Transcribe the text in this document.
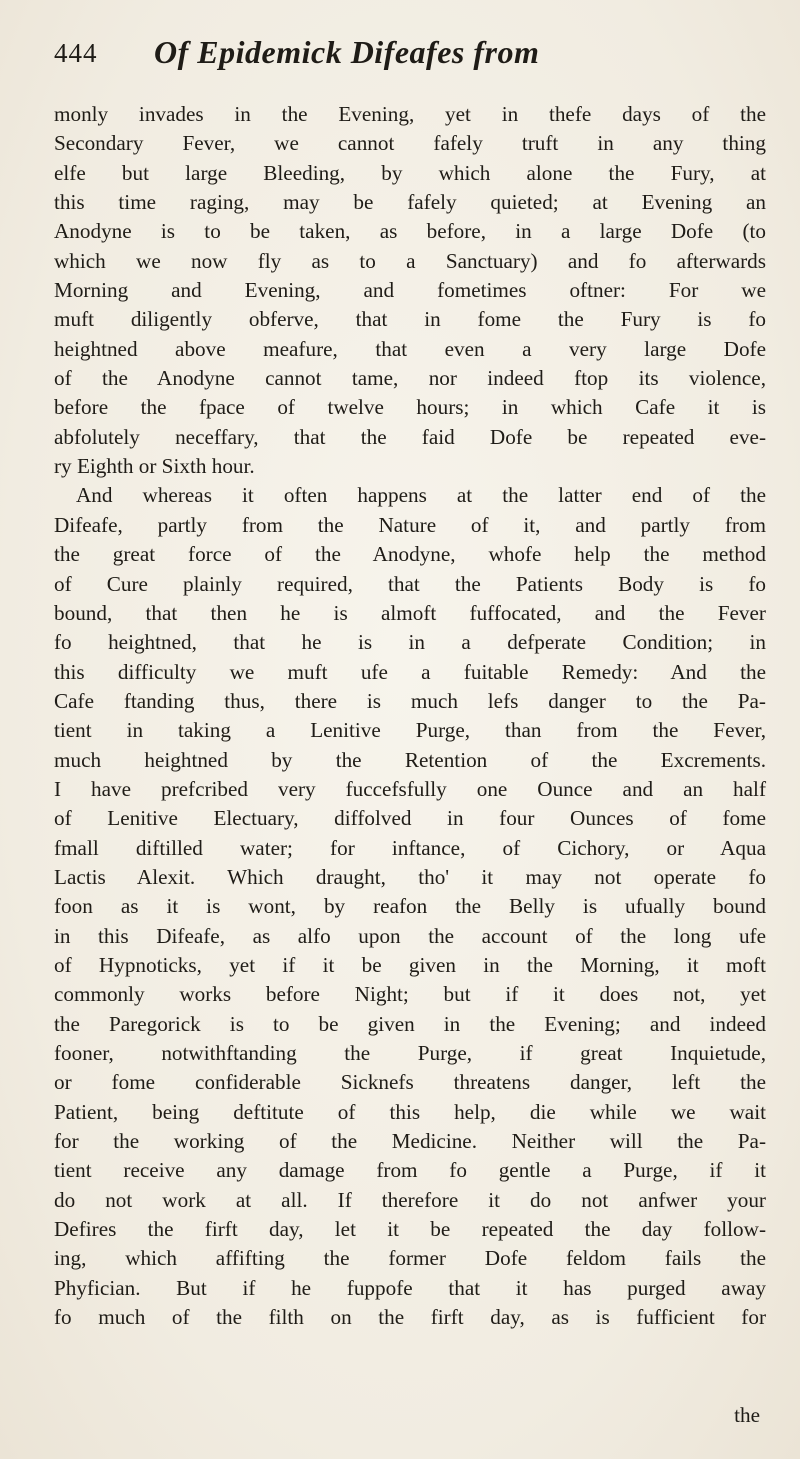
444 Of Epidemick Difeafes from
monly invades in the Evening, yet in thefe days of the
Secondary Fever, we cannot fafely truft in any thing
elfe but large Bleeding, by which alone the Fury, at
this time raging, may be fafely quieted; at Evening an
Anodyne is to be taken, as before, in a large Dofe (to
which we now fly as to a Sanctuary) and fo afterwards
Morning and Evening, and fometimes oftner: For we
muft diligently obferve, that in fome the Fury is fo
heightned above meafure, that even a very large Dofe
of the Anodyne cannot tame, nor indeed ftop its violence,
before the fpace of twelve hours; in which Cafe it is
abfolutely neceffary, that the faid Dofe be repeated eve-
ry Eighth or Sixth hour.
And whereas it often happens at the latter end of the
Difeafe, partly from the Nature of it, and partly from
the great force of the Anodyne, whofe help the method
of Cure plainly required, that the Patients Body is fo
bound, that then he is almoft fuffocated, and the Fever
fo heightned, that he is in a defperate Condition; in
this difficulty we muft ufe a fuitable Remedy: And the
Cafe ftanding thus, there is much lefs danger to the Pa-
tient in taking a Lenitive Purge, than from the Fever,
much heightned by the Retention of the Excrements.
I have prefcribed very fuccefsfully one Ounce and an half
of Lenitive Electuary, diffolved in four Ounces of fome
fmall diftilled water; for inftance, of Cichory, or Aqua
Lactis Alexit. Which draught, tho' it may not operate fo
foon as it is wont, by reafon the Belly is ufually bound
in this Difeafe, as alfo upon the account of the long ufe
of Hypnoticks, yet if it be given in the Morning, it moft
commonly works before Night; but if it does not, yet
the Paregorick is to be given in the Evening; and indeed
fooner, notwithftanding the Purge, if great Inquietude,
or fome confiderable Sicknefs threatens danger, left the
Patient, being deftitute of this help, die while we wait
for the working of the Medicine. Neither will the Pa-
tient receive any damage from fo gentle a Purge, if it
do not work at all. If therefore it do not anfwer your
Defires the firft day, let it be repeated the day follow-
ing, which affifting the former Dofe feldom fails the
Phyfician. But if he fuppofe that it has purged away
fo much of the filth on the firft day, as is fufficient for
the
